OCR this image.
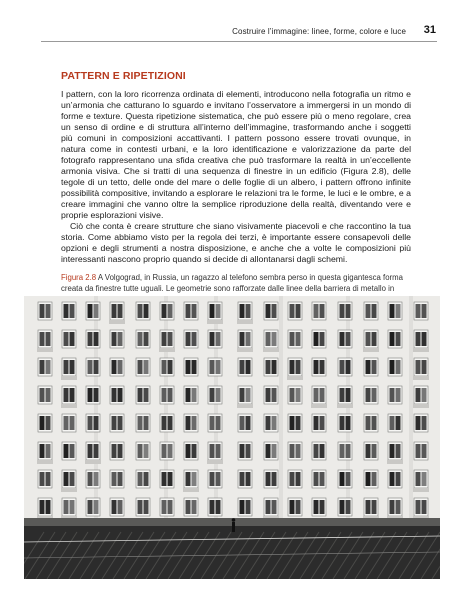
Costruire l’immagine: linee, forme, colore e luce 31
PATTERN E RIPETIZIONI

I pattern, con la loro ricorrenza ordinata di elementi, introducono nella fotografia un ritmo e un’armonia che catturano lo sguardo e invitano l’osservatore a immergersi in un mondo di forme e texture. Questa ripetizione sistematica, che può essere più o meno regolare, crea un senso di ordine e di struttura all’interno dell’immagine, trasformando anche i soggetti più comuni in composizioni accattivanti. I pattern possono essere trovati ovunque, in natura come in contesti urbani, e la loro identificazione e valorizzazione da parte del fotografo rappresentano una sfida creativa che può trasformare la realtà in un’eccellente armonia visiva. Che si tratti di una sequenza di finestre in un edificio (Figura 2.8), delle tegole di un tetto, delle onde del mare o delle foglie di un albero, i pattern offrono infinite possibilità compositive, invitando a esplorare le relazioni tra le forme, le luci e le ombre, e a creare immagini che vanno oltre la semplice riproduzione della realtà, diventando vere e proprie esplorazioni visive.

Ciò che conta è creare strutture che siano visivamente piacevoli e che raccontino la tua storia. Come abbiamo visto per la regola dei terzi, è importante essere consapevoli delle opzioni e degli strumenti a nostra disposizione, e anche che a volte le composizioni più interessanti nascono proprio quando si decide di allontanarsi dagli schemi.

Figura 2.8 A Volgograd, in Russia, un ragazzo al telefono sembra perso in questa gigantesca forma creata da finestre tutte uguali. Le geometrie sono rafforzate dalle linee della barriera di metallo in
